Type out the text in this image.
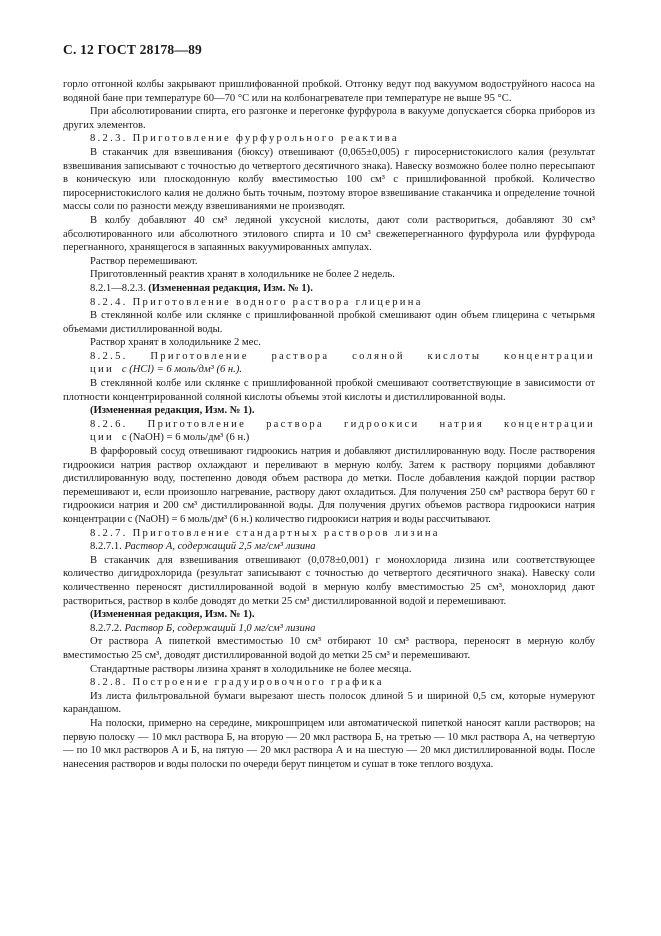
С. 12 ГОСТ 28178—89

горло отгонной колбы закрывают пришлифованной пробкой. Отгонку ведут под вакуумом водоструйного насоса на водяной бане при температуре 60—70 °С или на колбонагревателе при температуре не выше 95 °С.

При абсолютировании спирта, его разгонке и перегонке фурфурола в вакууме допускается сборка приборов из других элементов.

8.2.3. Приготовление фурфурольного реактива

В стаканчик для взвешивания (бюксу) отвешивают (0,065±0,005) г пиросернистокислого калия (результат взвешивания записывают с точностью до четвертого десятичного знака). Навеску возможно более полно пересыпают в коническую или плоскодонную колбу вместимостью 100 см³ с пришлифованной пробкой. Количество пиросернистокислого калия не должно быть точным, поэтому второе взвешивание стаканчика и определение точной массы соли по разности между взвешиваниями не производят.

В колбу добавляют 40 см³ ледяной уксусной кислоты, дают соли раствориться, добавляют 30 см³ абсолютированного или абсолютного этилового спирта и 10 см³ свежеперегнанного фурфурола или фурфурода перегнанного, хранящегося в запаянных вакуумированных ампулах.

Раствор перемешивают.

Приготовленный реактив хранят в холодильнике не более 2 недель.

8.2.1—8.2.3. (Измененная редакция, Изм. № 1).

8.2.4. Приготовление водного раствора глицерина

В стеклянной колбе или склянке с пришлифованной пробкой смешивают один объем глицерина с четырьмя объемами дистиллированной воды.

Раствор хранят в холодильнике 2 мес.

8.2.5. Приготовление раствора соляной кислоты концентрации

ции с (НСl) = 6 моль/дм³ (6 н.).

В стеклянной колбе или склянке с пришлифованной пробкой смешивают соответствующие в зависимости от плотности концентрированной соляной кислоты объемы этой кислоты и дистиллированной воды.

(Измененная редакция, Изм. № 1).

8.2.6. Приготовление раствора гидроокиси натрия концентрации

ции с (NaOH) = 6 моль/дм³ (6 н.)

В фарфоровый сосуд отвешивают гидроокись натрия и добавляют дистиллированную воду. После растворения гидроокиси натрия раствор охлаждают и переливают в мерную колбу. Затем к раствору порциями добавляют дистиллированную воду, постепенно доводя объем раствора до метки. После добавления каждой порции раствор перемешивают и, если произошло нагревание, раствору дают охладиться. Для получения 250 см³ раствора берут 60 г гидроокиси натрия и 200 см³ дистиллированной воды. Для получения других объемов раствора гидроокиси натрия концентрации с (NaOH) = 6 моль/дм³ (6 н.) количество гидроокиси натрия и воды рассчитывают.

8.2.7. Приготовление стандартных растворов лизина

8.2.7.1. Раствор А, содержащий 2,5 мг/см³ лизина

В стаканчик для взвешивания отвешивают (0,078±0,001) г монохлорида лизина или соответствующее количество дигидрохлорида (результат записывают с точностью до четвертого десятичного знака). Навеску соли количественно переносят дистиллированной водой в мерную колбу вместимостью 25 см³, монохлорид дают раствориться, раствор в колбе доводят до метки 25 см³ дистиллированной водой и перемешивают.

(Измененная редакция, Изм. № 1).

8.2.7.2. Раствор Б, содержащий 1,0 мг/см³ лизина

От раствора А пипеткой вместимостью 10 см³ отбирают 10 см³ раствора, переносят в мерную колбу вместимостью 25 см³, доводят дистиллированной водой до метки 25 см³ и перемешивают.

Стандартные растворы лизина хранят в холодильнике не более месяца.

8.2.8. Построение градуировочного графика

Из листа фильтровальной бумаги вырезают шесть полосок длиной 5 и шириной 0,5 см, которые нумеруют карандашом.

На полоски, примерно на середине, микрошприцем или автоматической пипеткой наносят капли растворов; на первую полоску — 10 мкл раствора Б, на вторую — 20 мкл раствора Б, на третью — 10 мкл раствора А, на четвертую — по 10 мкл растворов А и Б, на пятую — 20 мкл раствора А и на шестую — 20 мкл дистиллированной воды. После нанесения растворов и воды полоски по очереди берут пинцетом и сушат в токе теплого воздуха.
